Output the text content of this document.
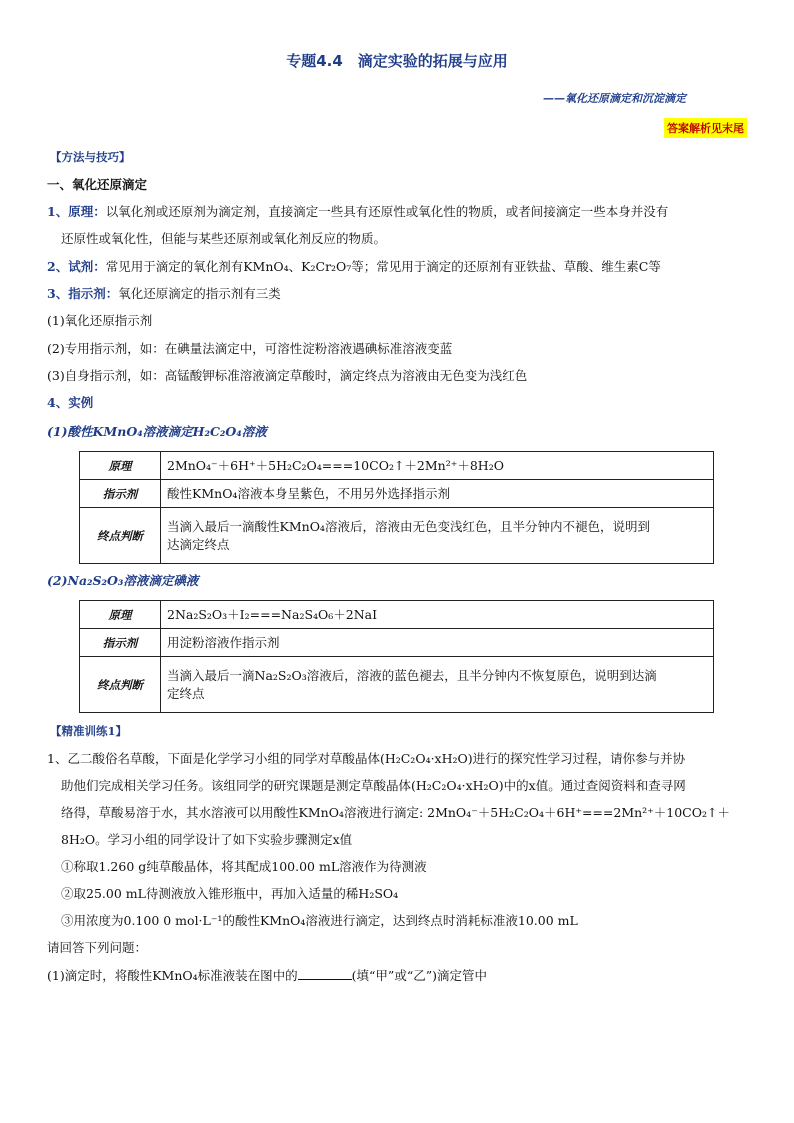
专题4.4　滴定实验的拓展与应用
——氧化还原滴定和沉淀滴定
答案解析见末尾
【方法与技巧】
一、氧化还原滴定
1、原理：以氧化剂或还原剂为滴定剂，直接滴定一些具有还原性或氧化性的物质，或者间接滴定一些本身并没有
还原性或氧化性，但能与某些还原剂或氧化剂反应的物质。
2、试剂：常见用于滴定的氧化剂有KMnO₄、K₂Cr₂O₇等；常见用于滴定的还原剂有亚铁盐、草酸、维生素C等
3、指示剂：氧化还原滴定的指示剂有三类
(1)氧化还原指示剂
(2)专用指示剂，如：在碘量法滴定中，可溶性淀粉溶液遇碘标准溶液变蓝
(3)自身指示剂，如：高锰酸钾标准溶液滴定草酸时，滴定终点为溶液由无色变为浅红色
4、实例
(1)酸性KMnO₄溶液滴定H₂C₂O₄溶液
原理	2MnO₄⁻＋6H⁺＋5H₂C₂O₄===10CO₂↑＋2Mn²⁺＋8H₂O
指示剂	酸性KMnO₄溶液本身呈紫色，不用另外选择指示剂
终点判断	当滴入最后一滴酸性KMnO₄溶液后，溶液由无色变浅红色，且半分钟内不褪色，说明到
达滴定终点
(2)Na₂S₂O₃溶液滴定碘液
原理	2Na₂S₂O₃＋I₂===Na₂S₄O₆＋2NaI
指示剂	用淀粉溶液作指示剂
终点判断	当滴入最后一滴Na₂S₂O₃溶液后，溶液的蓝色褪去，且半分钟内不恢复原色，说明到达滴
定终点
【精准训练1】
1、乙二酸俗名草酸，下面是化学学习小组的同学对草酸晶体(H₂C₂O₄·xH₂O)进行的探究性学习过程，请你参与并协
助他们完成相关学习任务。该组同学的研究课题是测定草酸晶体(H₂C₂O₄·xH₂O)中的x值。通过查阅资料和查寻网
络得，草酸易溶于水，其水溶液可以用酸性KMnO₄溶液进行滴定: 2MnO₄⁻＋5H₂C₂O₄＋6H⁺===2Mn²⁺＋10CO₂↑＋
8H₂O。学习小组的同学设计了如下实验步骤测定x值
①称取1.260 g纯草酸晶体，将其配成100.00 mL溶液作为待测液
②取25.00 mL待测液放入锥形瓶中，再加入适量的稀H₂SO₄
③用浓度为0.100 0 mol·L⁻¹的酸性KMnO₄溶液进行滴定，达到终点时消耗标准液10.00 mL
请回答下列问题：
(1)滴定时，将酸性KMnO₄标准液装在图中的	(填“甲”或“乙”)滴定管中
